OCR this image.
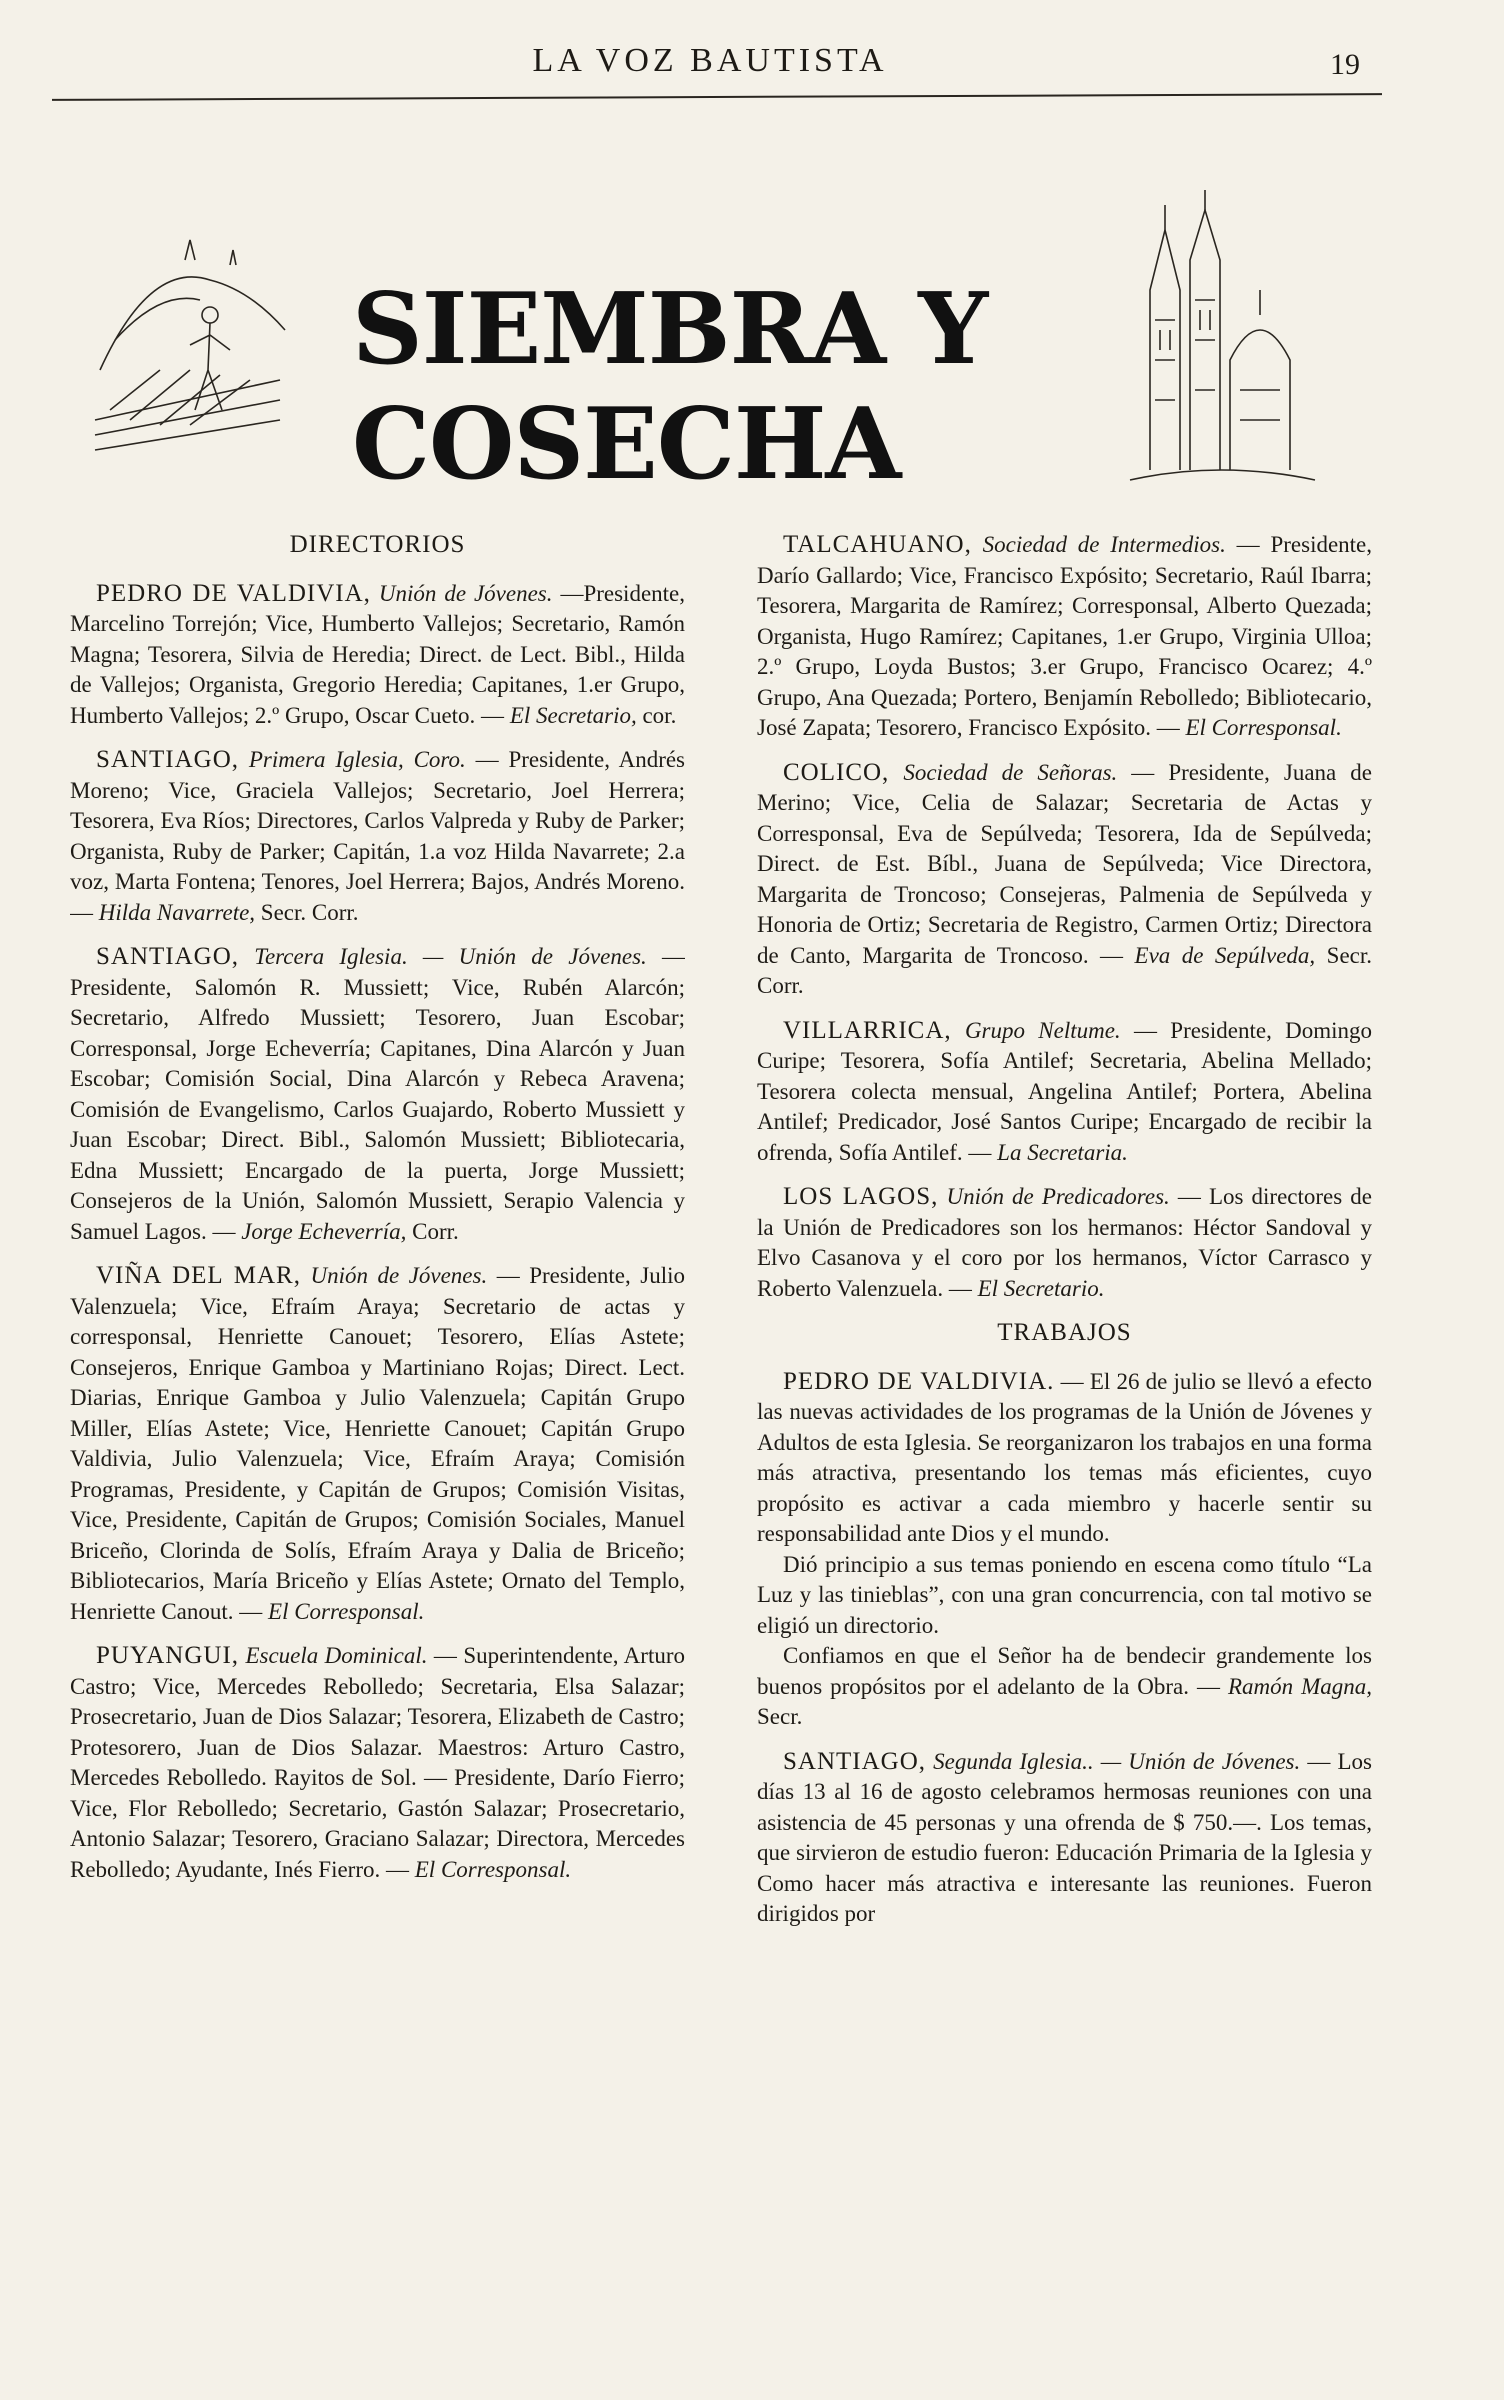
LA VOZ BAUTISTA	19
SIEMBRA Y COSECHA
DIRECTORIOS
PEDRO DE VALDIVIA, Unión de Jóvenes. —Presidente, Marcelino Torrejón; Vice, Humberto Vallejos; Secretario, Ramón Magna; Tesorera, Silvia de Heredia; Direct. de Lect. Bibl., Hilda de Vallejos; Organista, Gregorio Heredia; Capitanes, 1.er Grupo, Humberto Vallejos; 2.º Grupo, Oscar Cueto. — El Secretario, cor.
SANTIAGO, Primera Iglesia, Coro. — Presidente, Andrés Moreno; Vice, Graciela Vallejos; Secretario, Joel Herrera; Tesorera, Eva Ríos; Directores, Carlos Valpreda y Ruby de Parker; Organista, Ruby de Parker; Capitán, 1.a voz Hilda Navarrete; 2.a voz, Marta Fontena; Tenores, Joel Herrera; Bajos, Andrés Moreno. — Hilda Navarrete, Secr. Corr.
SANTIAGO, Tercera Iglesia. — Unión de Jóvenes. — Presidente, Salomón R. Mussiett; Vice, Rubén Alarcón; Secretario, Alfredo Mussiett; Tesorero, Juan Escobar; Corresponsal, Jorge Echeverría; Capitanes, Dina Alarcón y Juan Escobar; Comisión Social, Dina Alarcón y Rebeca Aravena; Comisión de Evangelismo, Carlos Guajardo, Roberto Mussiett y Juan Escobar; Direct. Bibl., Salomón Mussiett; Bibliotecaria, Edna Mussiett; Encargado de la puerta, Jorge Mussiett; Consejeros de la Unión, Salomón Mussiett, Serapio Valencia y Samuel Lagos. — Jorge Echeverría, Corr.
VIÑA DEL MAR, Unión de Jóvenes. — Presidente, Julio Valenzuela; Vice, Efraím Araya; Secretario de actas y corresponsal, Henriette Canouet; Tesorero, Elías Astete; Consejeros, Enrique Gamboa y Martiniano Rojas; Direct. Lect. Diarias, Enrique Gamboa y Julio Valenzuela; Capitán Grupo Miller, Elías Astete; Vice, Henriette Canouet; Capitán Grupo Valdivia, Julio Valenzuela; Vice, Efraím Araya; Comisión Programas, Presidente, y Capitán de Grupos; Comisión Visitas, Vice, Presidente, Capitán de Grupos; Comisión Sociales, Manuel Briceño, Clorinda de Solís, Efraím Araya y Dalia de Briceño; Bibliotecarios, María Briceño y Elías Astete; Ornato del Templo, Henriette Canout. — El Corresponsal.
PUYANGUI, Escuela Dominical. — Superintendente, Arturo Castro; Vice, Mercedes Rebolledo; Secretaria, Elsa Salazar; Prosecretario, Juan de Dios Salazar; Tesorera, Elizabeth de Castro; Protesorero, Juan de Dios Salazar. Maestros: Arturo Castro, Mercedes Rebolledo. Rayitos de Sol. — Presidente, Darío Fierro; Vice, Flor Rebolledo; Secretario, Gastón Salazar; Prosecretario, Antonio Salazar; Tesorero, Graciano Salazar; Directora, Mercedes Rebolledo; Ayudante, Inés Fierro. — El Corresponsal.
TALCAHUANO, Sociedad de Intermedios. — Presidente, Darío Gallardo; Vice, Francisco Expósito; Secretario, Raúl Ibarra; Tesorera, Margarita de Ramírez; Corresponsal, Alberto Quezada; Organista, Hugo Ramírez; Capitanes, 1.er Grupo, Virginia Ulloa; 2.º Grupo, Loyda Bustos; 3.er Grupo, Francisco Ocarez; 4.º Grupo, Ana Quezada; Portero, Benjamín Rebolledo; Bibliotecario, José Zapata; Tesorero, Francisco Expósito. — El Corresponsal.
COLICO, Sociedad de Señoras. — Presidente, Juana de Merino; Vice, Celia de Salazar; Secretaria de Actas y Corresponsal, Eva de Sepúlveda; Tesorera, Ida de Sepúlveda; Direct. de Est. Bíbl., Juana de Sepúlveda; Vice Directora, Margarita de Troncoso; Consejeras, Palmenia de Sepúlveda y Honoria de Ortiz; Secretaria de Registro, Carmen Ortiz; Directora de Canto, Margarita de Troncoso. — Eva de Sepúlveda, Secr. Corr.
VILLARRICA, Grupo Neltume. — Presidente, Domingo Curipe; Tesorera, Sofía Antilef; Secretaria, Abelina Mellado; Tesorera colecta mensual, Angelina Antilef; Portera, Abelina Antilef; Predicador, José Santos Curipe; Encargado de recibir la ofrenda, Sofía Antilef. — La Secretaria.
LOS LAGOS, Unión de Predicadores. — Los directores de la Unión de Predicadores son los hermanos: Héctor Sandoval y Elvo Casanova y el coro por los hermanos, Víctor Carrasco y Roberto Valenzuela. — El Secretario.
TRABAJOS

PEDRO DE VALDIVIA. — El 26 de julio se llevó a efecto las nuevas actividades de los programas de la Unión de Jóvenes y Adultos de esta Iglesia. Se reorganizaron los trabajos en una forma más atractiva, presentando los temas más eficientes, cuyo propósito es activar a cada miembro y hacerle sentir su responsabilidad ante Dios y el mundo.

Dió principio a sus temas poniendo en escena como título “La Luz y las tinieblas”, con una gran concurrencia, con tal motivo se eligió un directorio.

Confiamos en que el Señor ha de bendecir grandemente los buenos propósitos por el adelanto de la Obra. — Ramón Magna, Secr.

SANTIAGO, Segunda Iglesia.. — Unión de Jóvenes. — Los días 13 al 16 de agosto celebramos hermosas reuniones con una asistencia de 45 personas y una ofrenda de $ 750.—. Los temas, que sirvieron de estudio fueron: Educación Primaria de la Iglesia y Como hacer más atractiva e interesante las reuniones. Fueron dirigidos por
